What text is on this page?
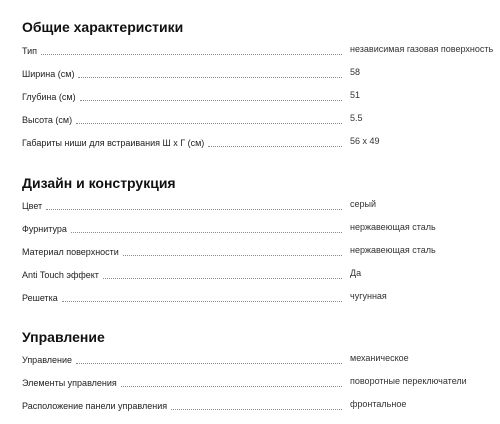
Общие характеристики
Тип	независимая газовая поверхность
Ширина (см)	58
Глубина (см)	51
Высота (см)	5.5
Габариты ниши для встраивания Ш х Г (см)	56 x 49
Дизайн и конструкция
Цвет	серый
Фурнитура	нержавеющая сталь
Материал поверхности	нержавеющая сталь
Anti Touch эффект	Да
Решетка	чугунная
Управление
Управление	механическое
Элементы управления	поворотные переключатели
Расположение панели управления	фронтальное
